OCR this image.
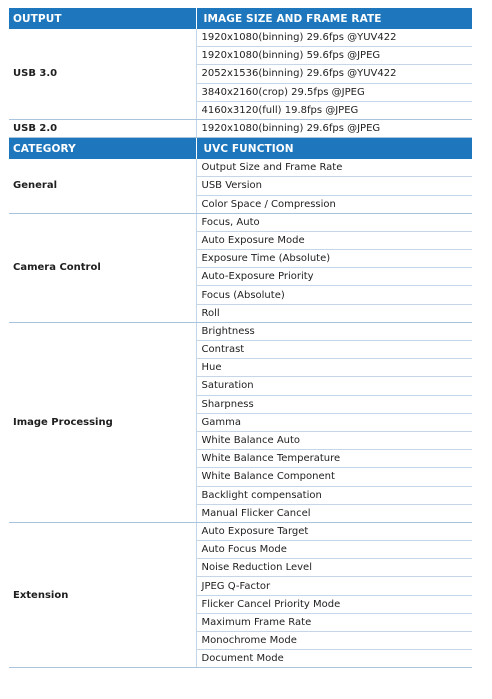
OUTPUT	IMAGE SIZE AND FRAME RATE
USB 3.0	1920x1080(binning) 29.6fps @YUV422
	1920x1080(binning) 59.6fps @JPEG
	2052x1536(binning) 29.6fps @YUV422
	3840x2160(crop) 29.5fps @JPEG
	4160x3120(full) 19.8fps @JPEG
USB 2.0	1920x1080(binning) 29.6fps @JPEG
CATEGORY	UVC FUNCTION
General	Output Size and Frame Rate
	USB Version
	Color Space / Compression
Camera Control	Focus, Auto
	Auto Exposure Mode
	Exposure Time (Absolute)
	Auto-Exposure Priority
	Focus (Absolute)
	Roll
Image Processing	Brightness
	Contrast
	Hue
	Saturation
	Sharpness
	Gamma
	White Balance Auto
	White Balance Temperature
	White Balance Component
	Backlight compensation
	Manual Flicker Cancel
Extension	Auto Exposure Target
	Auto Focus Mode
	Noise Reduction Level
	JPEG Q-Factor
	Flicker Cancel Priority Mode
	Maximum Frame Rate
	Monochrome Mode
	Document Mode
